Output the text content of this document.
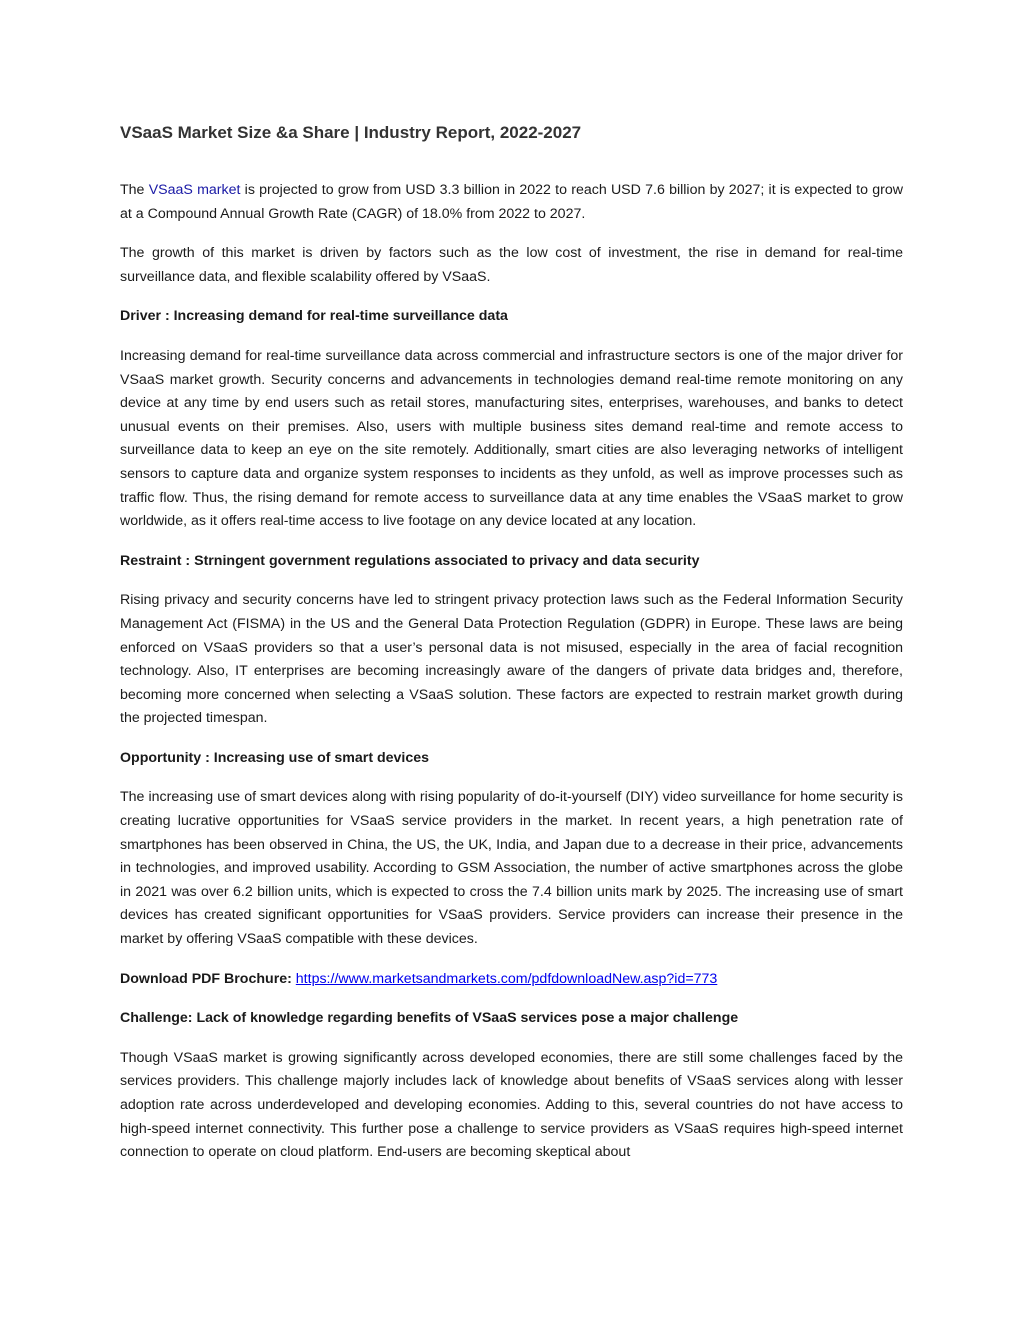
VSaaS Market Size &a Share | Industry Report, 2022-2027

The VSaaS market is projected to grow from USD 3.3 billion in 2022 to reach USD 7.6 billion by 2027; it is expected to grow at a Compound Annual Growth Rate (CAGR) of 18.0% from 2022 to 2027.

The growth of this market is driven by factors such as the low cost of investment, the rise in demand for real-time surveillance data, and flexible scalability offered by VSaaS.

Driver : Increasing demand for real-time surveillance data

Increasing demand for real-time surveillance data across commercial and infrastructure sectors is one of the major driver for VSaaS market growth. Security concerns and advancements in technologies demand real-time remote monitoring on any device at any time by end users such as retail stores, manufacturing sites, enterprises, warehouses, and banks to detect unusual events on their premises. Also, users with multiple business sites demand real-time and remote access to surveillance data to keep an eye on the site remotely. Additionally, smart cities are also leveraging networks of intelligent sensors to capture data and organize system responses to incidents as they unfold, as well as improve processes such as traffic flow. Thus, the rising demand for remote access to surveillance data at any time enables the VSaaS market to grow worldwide, as it offers real-time access to live footage on any device located at any location.

Restraint : Strningent government regulations associated to privacy and data security

Rising privacy and security concerns have led to stringent privacy protection laws such as the Federal Information Security Management Act (FISMA) in the US and the General Data Protection Regulation (GDPR) in Europe. These laws are being enforced on VSaaS providers so that a user’s personal data is not misused, especially in the area of facial recognition technology. Also, IT enterprises are becoming increasingly aware of the dangers of private data bridges and, therefore, becoming more concerned when selecting a VSaaS solution. These factors are expected to restrain market growth during the projected timespan.

Opportunity : Increasing use of smart devices

The increasing use of smart devices along with rising popularity of do-it-yourself (DIY) video surveillance for home security is creating lucrative opportunities for VSaaS service providers in the market. In recent years, a high penetration rate of smartphones has been observed in China, the US, the UK, India, and Japan due to a decrease in their price, advancements in technologies, and improved usability. According to GSM Association, the number of active smartphones across the globe in 2021 was over 6.2 billion units, which is expected to cross the 7.4 billion units mark by 2025. The increasing use of smart devices has created significant opportunities for VSaaS providers. Service providers can increase their presence in the market by offering VSaaS compatible with these devices.

Download PDF Brochure: https://www.marketsandmarkets.com/pdfdownloadNew.asp?id=773

Challenge: Lack of knowledge regarding benefits of VSaaS services pose a major challenge

Though VSaaS market is growing significantly across developed economies, there are still some challenges faced by the services providers. This challenge majorly includes lack of knowledge about benefits of VSaaS services along with lesser adoption rate across underdeveloped and developing economies. Adding to this, several countries do not have access to high-speed internet connectivity. This further pose a challenge to service providers as VSaaS requires high-speed internet connection to operate on cloud platform. End-users are becoming skeptical about
